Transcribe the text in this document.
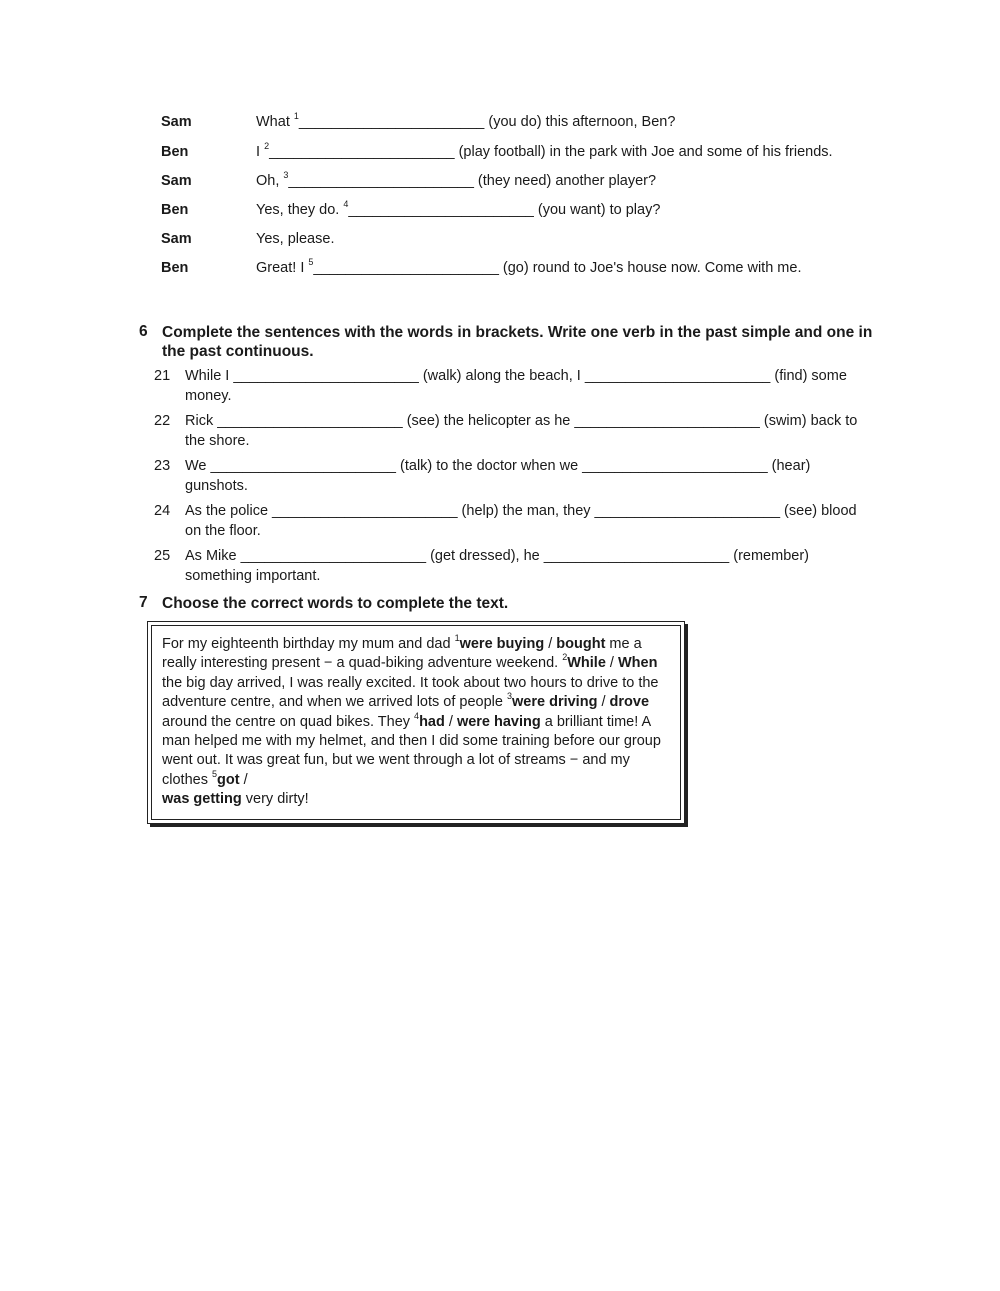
Sam	What $^1$_______________________ (you do) this afternoon, Ben?
Ben	I $^2$_______________________ (play football) in the park with Joe and some of his friends.
Sam	Oh, $^3$_______________________ (they need) another player?
Ben	Yes, they do. $^4$_______________________ (you want) to play?
Sam	Yes, please.
Ben	Great! I $^5$_______________________ (go) round to Joe's house now. Come with me.
6 Complete the sentences with the words in brackets. Write one verb in the past simple and one in the past continuous.
21 While I _______________________ (walk) along the beach, I _______________________ (find) some money.
22 Rick _______________________ (see) the helicopter as he _______________________ (swim) back to the shore.
23 We _______________________ (talk) to the doctor when we _______________________ (hear) gunshots.
24 As the police _______________________ (help) the man, they _______________________ (see) blood on the floor.
25 As Mike _______________________ (get dressed), he _______________________ (remember) something important.
7 Choose the correct words to complete the text.
For my eighteenth birthday my mum and dad $^1$were buying / bought me a really interesting present − a quad-biking adventure weekend. $^2$While / When the big day arrived, I was really excited. It took about two hours to drive to the adventure centre, and when we arrived lots of people $^3$were driving / drove around the centre on quad bikes. They $^4$had / were having a brilliant time! A man helped me with my helmet, and then I did some training before our group went out. It was great fun, but we went through a lot of streams − and my clothes $^5$got /
was getting very dirty!
